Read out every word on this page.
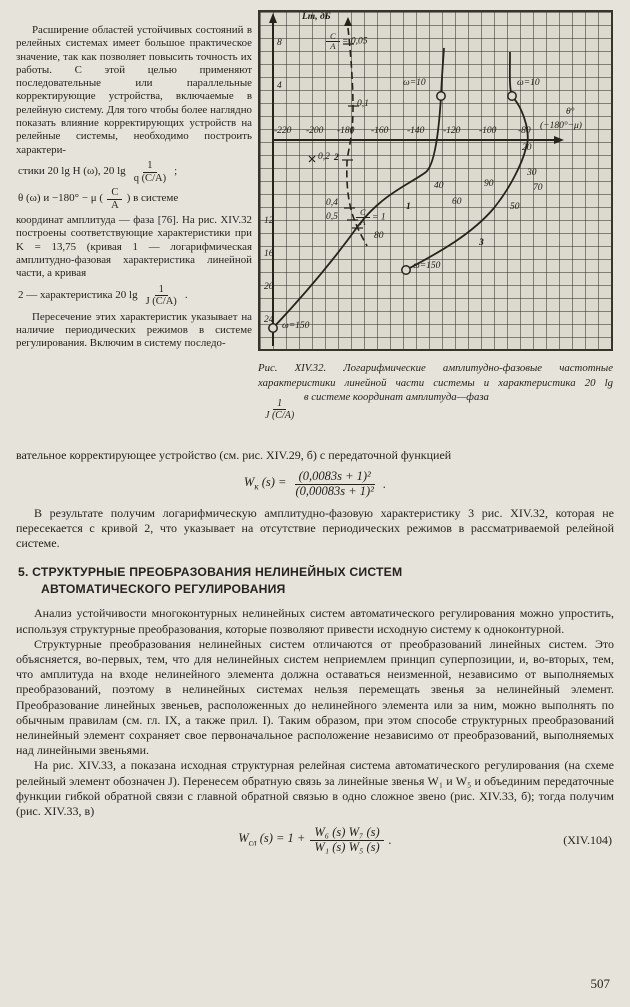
Расширение областей устойчивых состояний в релейных системах имеет большое практическое значение, так как позволяет повысить точность их работы. С этой целью применяют последовательные или параллельные корректирующие устройства, включаемые в релейную систему. Для того чтобы более наглядно показать влияние корректирующих устройств на релейные системы, необходимо построить характери-

стики 20 lg H (ω), 20 $\lg \frac{1}{q (C/A)}$ ;
θ (ω) и −180° − μ ( $\frac{C}{A}$ ) в системе

координат амплитуда — фаза [76]. На рис. XIV.32 построены соответствующие характеристики при K = 13,75 (кривая 1 — логарифмическая амплитудно-фазовая характеристика линейной части, а кривая

2 — характеристика 20 $\lg \frac{1}{J (C/A)}$ .

Пересечение этих характеристик указывает на наличие периодических режимов в системе регулирования. Включим в систему последо-

Lm, дБ
θ°
(−180°−μ)
-220 -200 -180 -160 -140 -120 -100 -80
8
4
12
16
20
24
$\frac{C}{A} = 0,05$
0,1
0,2
0,4
$0,5 \frac{C}{A} = 1$
80
1
2
3
40
60
90
50
30
70
20
ω=10	ω=10
ω=150
ω=150
Рис. XIV.32. Логарифмические амплитудно-фазовые частотные характеристики линейной части системы и характеристика 20 lg
$\frac{1}{J (C/A)}$
в системе координат амплитуда—фаза

вательное корректирующее устройство (см. рис. XIV.29, б) с передаточной функцией

$W_к$ $(s) = \frac{\text{(0,0083s + 1)²}}{\text{(0,00083s + 1)²}}$ .

В результате получим логарифмическую амплитудно-фазовую характеристику 3 рис. XIV.32, которая не пересекается с кривой 2, что указывает на отсутствие периодических режимов в рассматриваемой релейной системе.

5. СТРУКТУРНЫЕ ПРЕОБРАЗОВАНИЯ НЕЛИНЕЙНЫХ СИСТЕМ
АВТОМАТИЧЕСКОГО РЕГУЛИРОВАНИЯ

Анализ устойчивости многоконтурных нелинейных систем автоматического регулирования можно упростить, используя структурные преобразования, которые позволяют привести исходную систему к одноконтурной.

Структурные преобразования нелинейных систем отличаются от преобразований линейных систем. Это объясняется, во-первых, тем, что для нелинейных систем неприемлем принцип суперпозиции, и, во-вторых, тем, что амплитуда на входе нелинейного элемента должна оставаться неизменной, независимо от выполняемых преобразований, поэтому в нелинейных системах нельзя перемещать звенья за нелинейный элемент. Преобразование линейных звеньев, расположенных до нелинейного элемента или за ним, можно выполнять по обычным правилам (см. гл. IX, а также прил. I). Таким образом, при этом способе структурных преобразований нелинейный элемент сохраняет свое первоначальное расположение независимо от преобразований, выполняемых над линейными звеньями.

На рис. XIV.33, а показана исходная структурная релейная система автоматического регулирования (на схеме релейный элемент обозначен J). Перенесем обратную связь за линейные звенья W₁ и W₅ и объединим передаточные функции гибкой обратной связи с главной обратной связью в одно сложное звено (рис. XIV.33, б); тогда получим (рис. XIV.33, в)

$W_{сл}$ $(s) = 1 + \frac{\text{W₆ (s) W₇ (s)}}{\text{W₁ (s) W₅ (s)}}$ .	(XIV.104)
507
